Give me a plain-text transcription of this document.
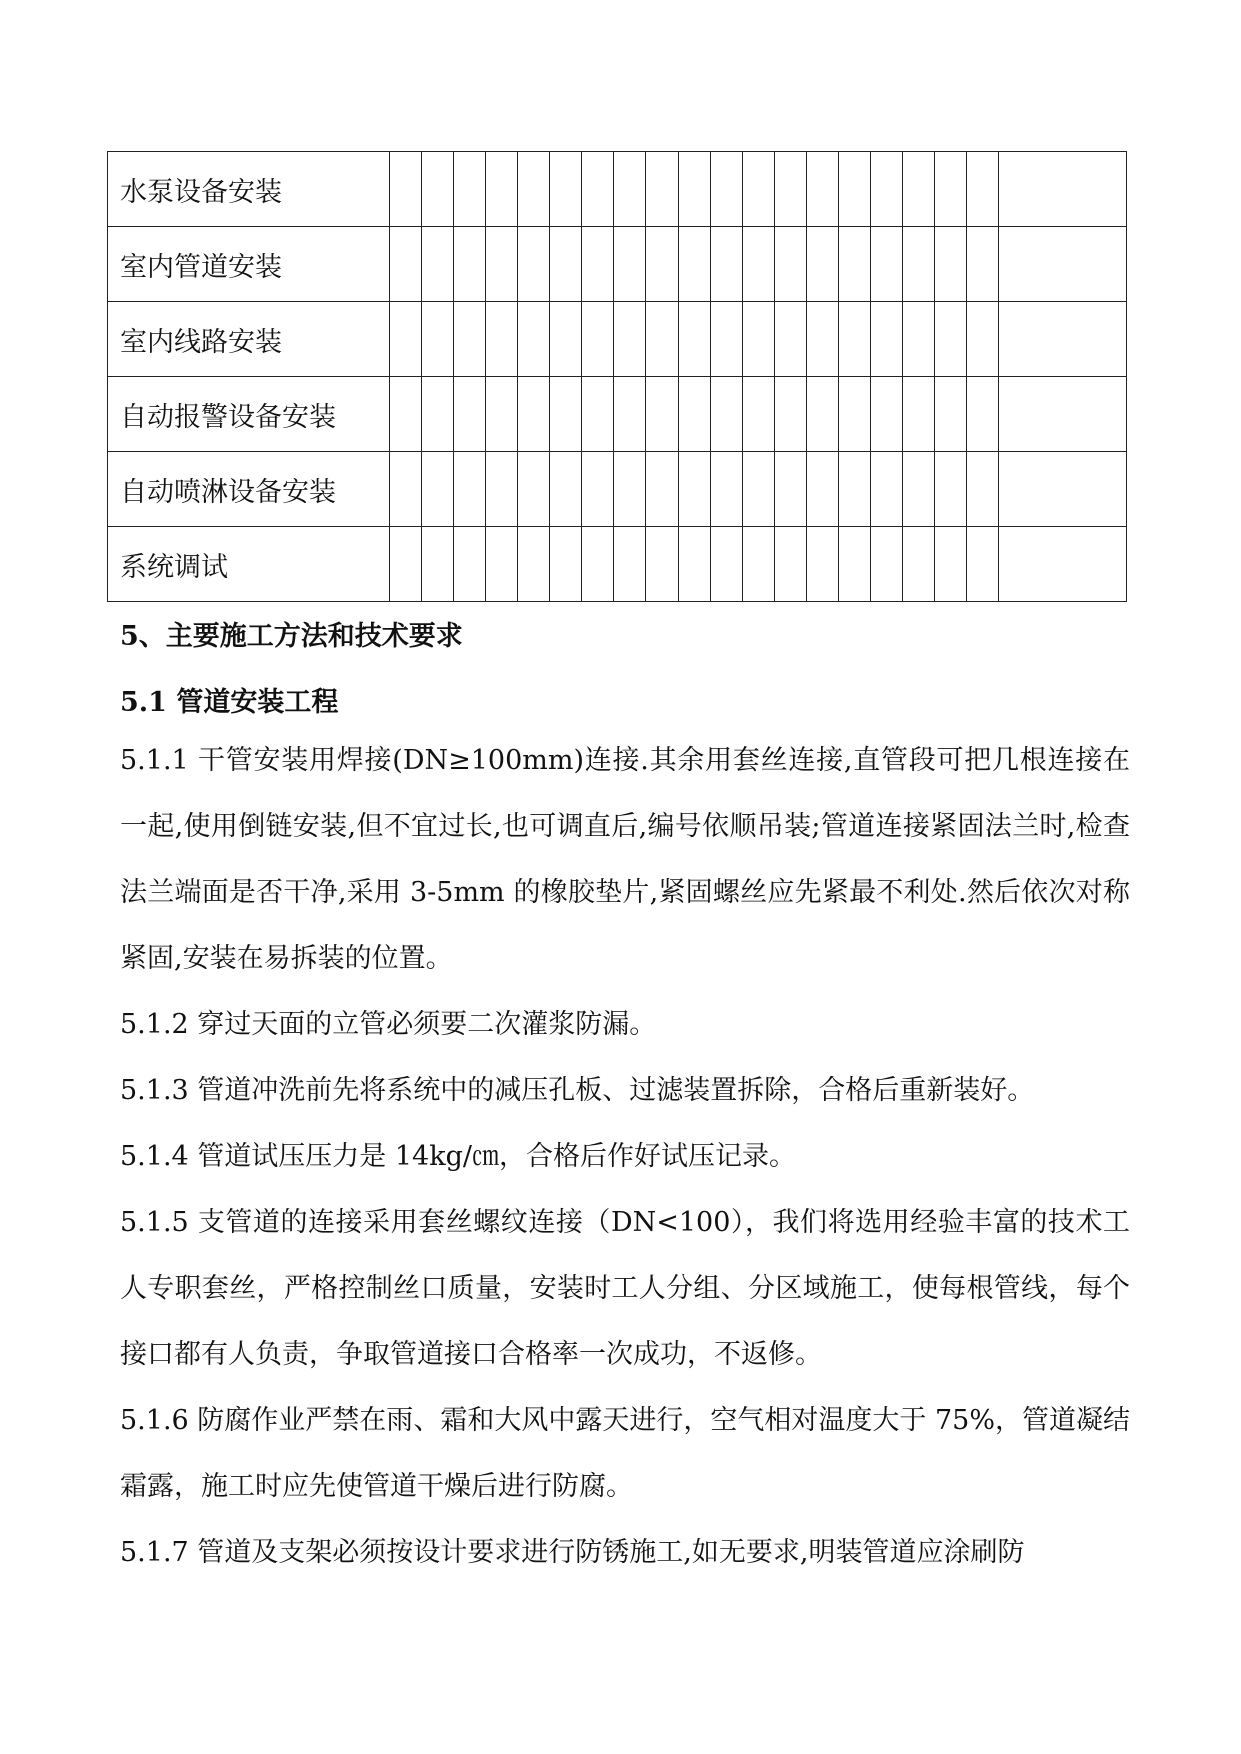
水泵设备安装																				
室内管道安装																				
室内线路安装																				
自动报警设备安装																				
自动喷淋设备安装																				
系统调试																				

5、主要施工方法和技术要求

5.1 管道安装工程

5.1.1 干管安装用焊接(DN≥100mm)连接.其余用套丝连接,直管段可把几根连接在一起,使用倒链安装,但不宜过长,也可调直后,编号依顺吊装;管道连接紧固法兰时,检查法兰端面是否干净,采用 3-5mm 的橡胶垫片,紧固螺丝应先紧最不利处.然后依次对称紧固,安装在易拆装的位置。

5.1.2 穿过天面的立管必须要二次灌浆防漏。

5.1.3 管道冲洗前先将系统中的减压孔板、过滤装置拆除，合格后重新装好。

5.1.4 管道试压压力是 14kg/㎝，合格后作好试压记录。

5.1.5 支管道的连接采用套丝螺纹连接（DN<100），我们将选用经验丰富的技术工人专职套丝，严格控制丝口质量，安装时工人分组、分区域施工，使每根管线，每个接口都有人负责，争取管道接口合格率一次成功，不返修。

5.1.6 防腐作业严禁在雨、霜和大风中露天进行，空气相对温度大于 75%，管道凝结霜露，施工时应先使管道干燥后进行防腐。

5.1.7 管道及支架必须按设计要求进行防锈施工,如无要求,明装管道应涂刷防
